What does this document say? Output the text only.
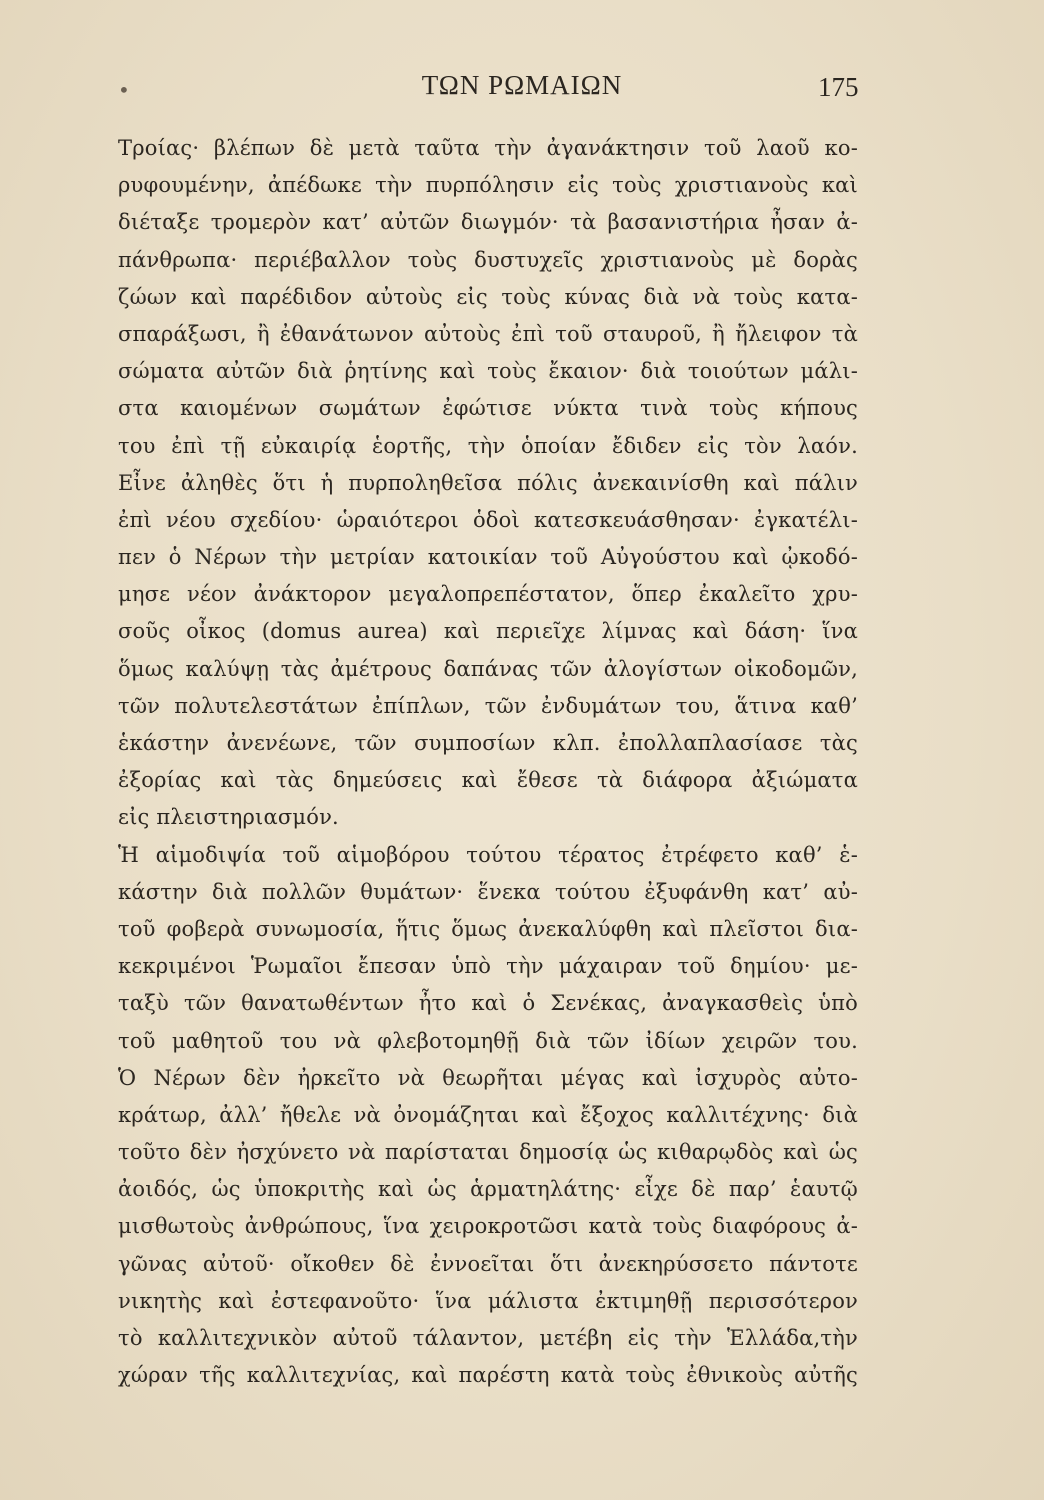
•	ΤΩΝ ΡΩΜΑΙΩΝ	175
Τροίας· βλέπων δὲ μετὰ ταῦτα τὴν ἀγανάκτησιν τοῦ λαοῦ κο-
ρυφουμένην, ἀπέδωκε τὴν πυρπόλησιν εἰς τοὺς χριστιανοὺς καὶ
διέταξε τρομερὸν κατ’ αὐτῶν διωγμόν· τὰ βασανιστήρια ἦσαν ἀ-
πάνθρωπα· περιέβαλλον τοὺς δυστυχεῖς χριστιανοὺς μὲ δορὰς
ζώων καὶ παρέδιδον αὐτοὺς εἰς τοὺς κύνας διὰ νὰ τοὺς κατα-
σπαράξωσι, ἢ ἐθανάτωνον αὐτοὺς ἐπὶ τοῦ σταυροῦ, ἢ ἤλειφον τὰ
σώματα αὐτῶν διὰ ῥητίνης καὶ τοὺς ἔκαιον· διὰ τοιούτων μάλι-
στα καιομένων σωμάτων ἐφώτισε νύκτα τινὰ τοὺς κήπους
του ἐπὶ τῇ εὐκαιρίᾳ ἑορτῆς, τὴν ὁποίαν ἔδιδεν εἰς τὸν λαόν.
Εἶνε ἀληθὲς ὅτι ἡ πυρποληθεῖσα πόλις ἀνεκαινίσθη καὶ πάλιν
ἐπὶ νέου σχεδίου· ὡραιότεροι ὁδοὶ κατεσκευάσθησαν· ἐγκατέλι-
πεν ὁ Νέρων τὴν μετρίαν κατοικίαν τοῦ Αὐγούστου καὶ ᾠκοδό-
μησε νέον ἀνάκτορον μεγαλοπρεπέστατον, ὅπερ ἐκαλεῖτο χρυ-
σοῦς οἶκος (domus aurea) καὶ περιεῖχε λίμνας καὶ δάση· ἵνα
ὅμως καλύψῃ τὰς ἀμέτρους δαπάνας τῶν ἀλογίστων οἰκοδομῶν,
τῶν πολυτελεστάτων ἐπίπλων, τῶν ἐνδυμάτων του, ἅτινα καθ’
ἑκάστην ἀνενέωνε, τῶν συμποσίων κλπ. ἐπολλαπλασίασε τὰς
ἐξορίας καὶ τὰς δημεύσεις καὶ ἔθεσε τὰ διάφορα ἀξιώματα
εἰς πλειστηριασμόν.
Ἡ αἱμοδιψία τοῦ αἱμοβόρου τούτου τέρατος ἐτρέφετο καθ’ ἑ-
κάστην διὰ πολλῶν θυμάτων· ἕνεκα τούτου ἐξυφάνθη κατ’ αὐ-
τοῦ φοβερὰ συνωμοσία, ἥτις ὅμως ἀνεκαλύφθη καὶ πλεῖστοι δια-
κεκριμένοι Ῥωμαῖοι ἔπεσαν ὑπὸ τὴν μάχαιραν τοῦ δημίου· με-
ταξὺ τῶν θανατωθέντων ἦτο καὶ ὁ Σενέκας, ἀναγκασθεὶς ὑπὸ
τοῦ μαθητοῦ του νὰ φλεβοτομηθῇ διὰ τῶν ἰδίων χειρῶν του.
Ὁ Νέρων δὲν ἠρκεῖτο νὰ θεωρῆται μέγας καὶ ἰσχυρὸς αὐτο-
κράτωρ, ἀλλ’ ἤθελε νὰ ὀνομάζηται καὶ ἔξοχος καλλιτέχνης· διὰ
τοῦτο δὲν ἠσχύνετο νὰ παρίσταται δημοσίᾳ ὡς κιθαρῳδὸς καὶ ὡς
ἀοιδός, ὡς ὑποκριτὴς καὶ ὡς ἁρματηλάτης· εἶχε δὲ παρ’ ἑαυτῷ
μισθωτοὺς ἀνθρώπους, ἵνα χειροκροτῶσι κατὰ τοὺς διαφόρους ἀ-
γῶνας αὐτοῦ· οἴκοθεν δὲ ἐννοεῖται ὅτι ἀνεκηρύσσετο πάντοτε
νικητὴς καὶ ἐστεφανοῦτο· ἵνα μάλιστα ἐκτιμηθῇ περισσότερον
τὸ καλλιτεχνικὸν αὐτοῦ τάλαντον, μετέβη εἰς τὴν Ἑλλάδα,τὴν
χώραν τῆς καλλιτεχνίας, καὶ παρέστη κατὰ τοὺς ἐθνικοὺς αὐτῆς
